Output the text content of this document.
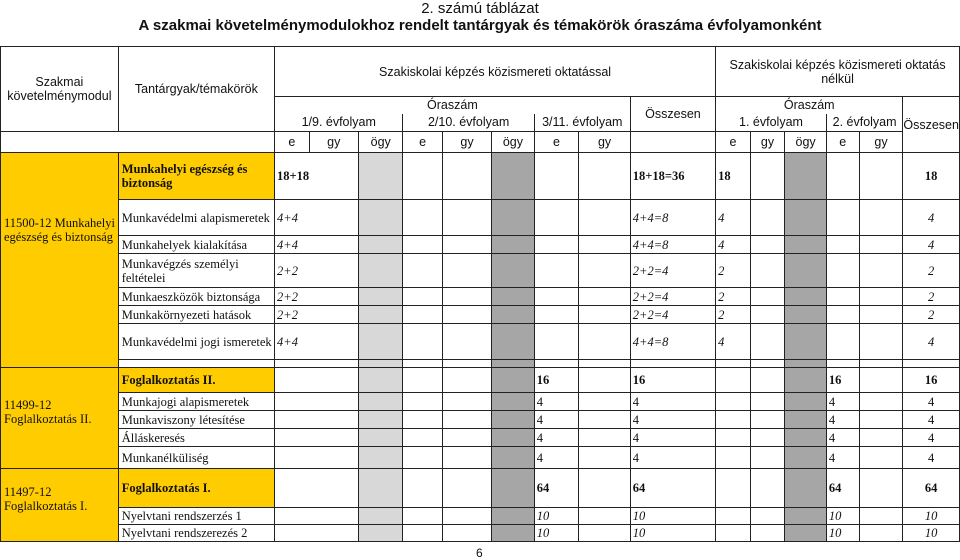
2. számú táblázat
A szakmai követelménymodulokhoz rendelt tantárgyak és témakörök óraszáma évfolyamonként
Szakmai követelménymodul	Tantárgyak/témakörök	Szakiskolai képzés közismereti oktatással									Szakiskolai képzés közismereti oktatás nélkül					
		Óraszám								Összesen	Óraszám					Összesen
		1/9. évfolyam			2/10. évfolyam			3/11. évfolyam			1. évfolyam			2. évfolyam		
		e	gy	ögy	e	gy	ögy	e	gy		e	gy	ögy	e	gy	
11500-12 Munkahelyi egészség és biztonság	Munkahelyi egészség és biztonság	18+18								18+18=36	18					18
	Munkavédelmi alapismeretek	4+4								4+4=8	4					4
	Munkahelyek kialakítása	4+4								4+4=8	4					4
	Munkavégzés személyi feltételei	2+2								2+2=4	2					2
	Munkaeszközök biztonsága	2+2								2+2=4	2					2
	Munkakörnyezeti hatások	2+2								2+2=4	2					2
	Munkavédelmi jogi ismeretek	4+4								4+4=8	4					4

11499-12 Foglalkoztatás II.	Foglalkoztatás II.							16		16				16		16
	Munkajogi alapismeretek							4		4				4		4
	Munkaviszony létesítése							4		4				4		4
	Álláskeresés							4		4				4		4
	Munkanélküliség							4		4				4		4
11497-12 Foglalkoztatás I.	Foglalkoztatás I.							64		64				64		64
	Nyelvtani rendszerzés 1							10		10				10		10
	Nyelvtani rendszerezés 2							10		10				10		10
6
